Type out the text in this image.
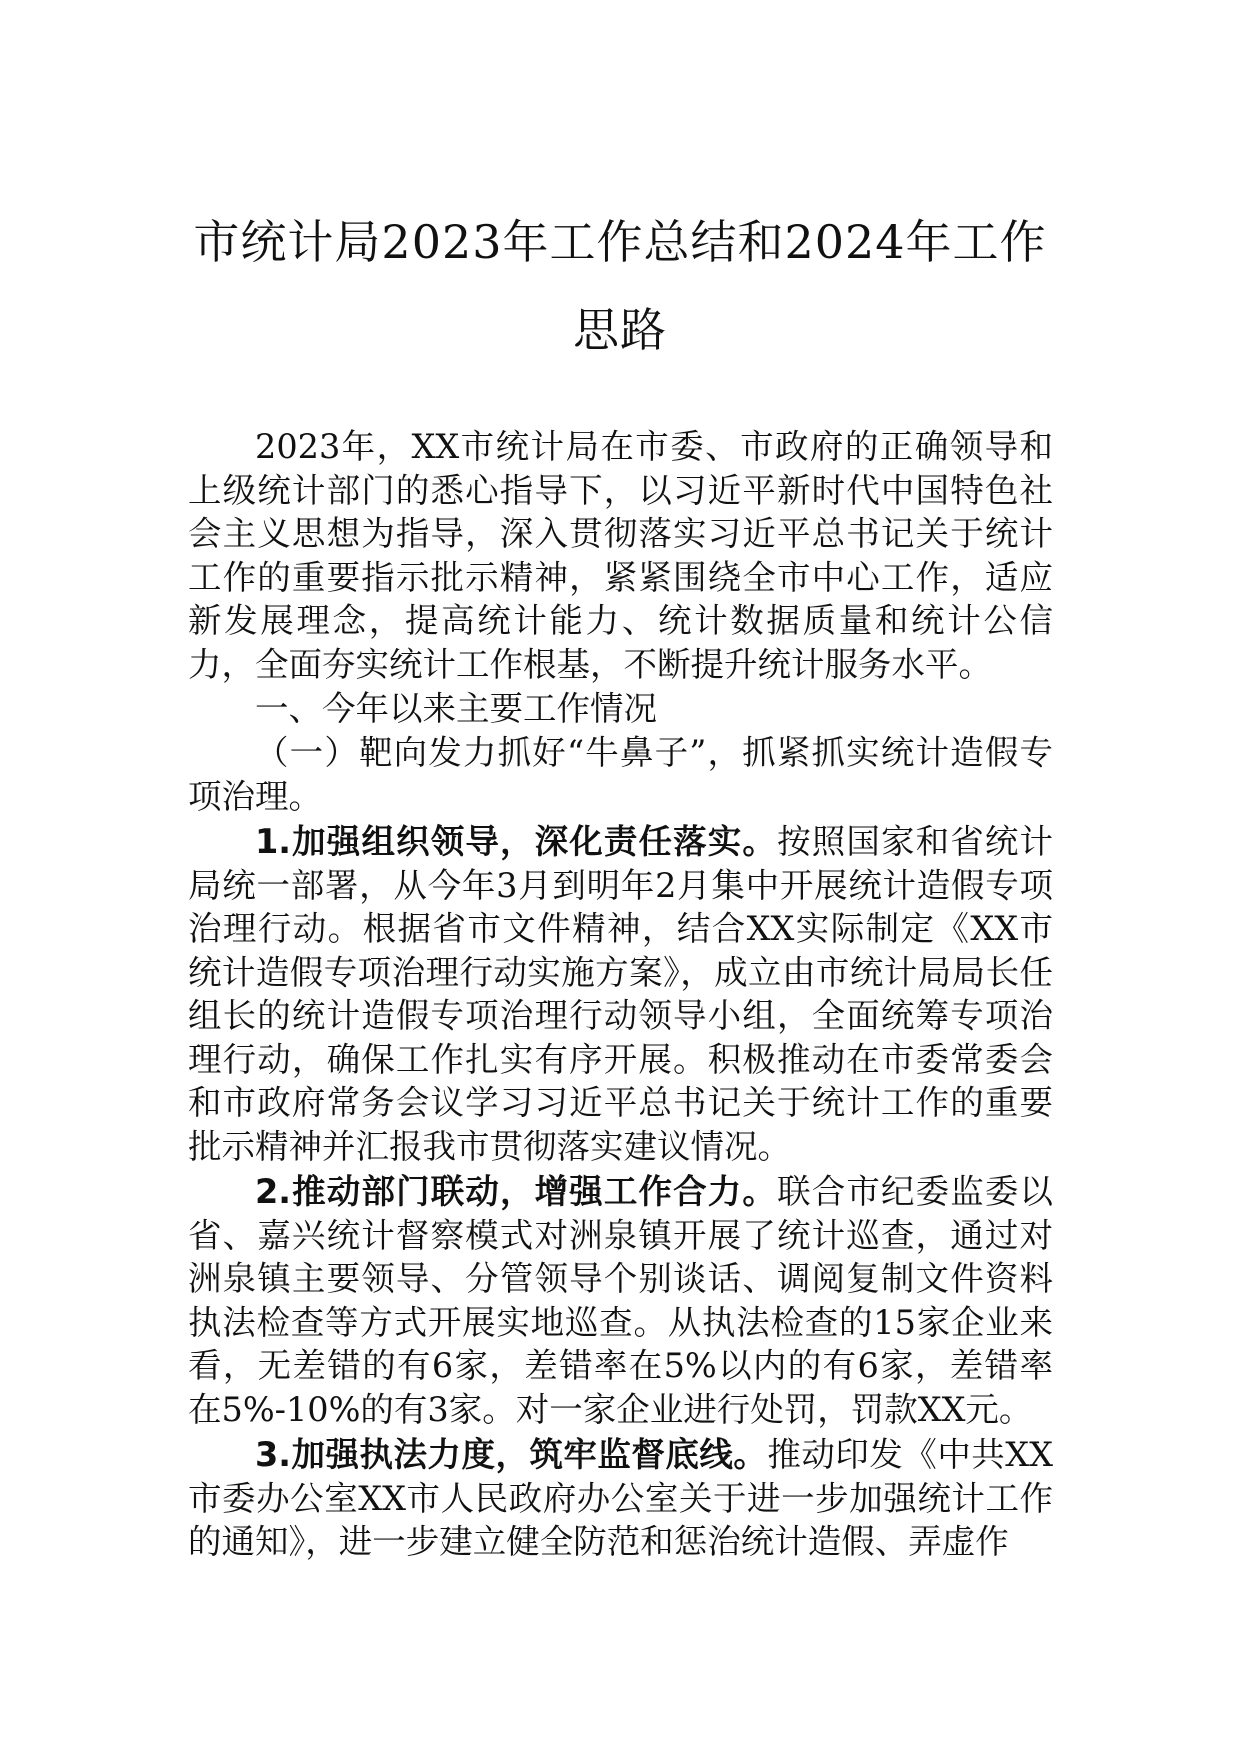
市统计局2023年工作总结和2024年工作思路

2023年，XX市统计局在市委、市政府的正确领导和上级统计部门的悉心指导下，以习近平新时代中国特色社会主义思想为指导，深入贯彻落实习近平总书记关于统计工作的重要指示批示精神，紧紧围绕全市中心工作，适应新发展理念，提高统计能力、统计数据质量和统计公信力，全面夯实统计工作根基，不断提升统计服务水平。

一、今年以来主要工作情况

（一）靶向发力抓好“牛鼻子”，抓紧抓实统计造假专项治理。

1.加强组织领导，深化责任落实。按照国家和省统计局统一部署，从今年3月到明年2月集中开展统计造假专项治理行动。根据省市文件精神，结合XX实际制定《XX市统计造假专项治理行动实施方案》，成立由市统计局局长任组长的统计造假专项治理行动领导小组，全面统筹专项治理行动，确保工作扎实有序开展。积极推动在市委常委会和市政府常务会议学习习近平总书记关于统计工作的重要批示精神并汇报我市贯彻落实建议情况。

2.推动部门联动，增强工作合力。联合市纪委监委以省、嘉兴统计督察模式对洲泉镇开展了统计巡查，通过对洲泉镇主要领导、分管领导个别谈话、调阅复制文件资料执法检查等方式开展实地巡查。从执法检查的15家企业来看，无差错的有6家，差错率在5%以内的有6家，差错率在5%-10%的有3家。对一家企业进行处罚，罚款XX元。

3.加强执法力度，筑牢监督底线。推动印发《中共XX市委办公室XX市人民政府办公室关于进一步加强统计工作的通知》，进一步建立健全防范和惩治统计造假、弄虚作
